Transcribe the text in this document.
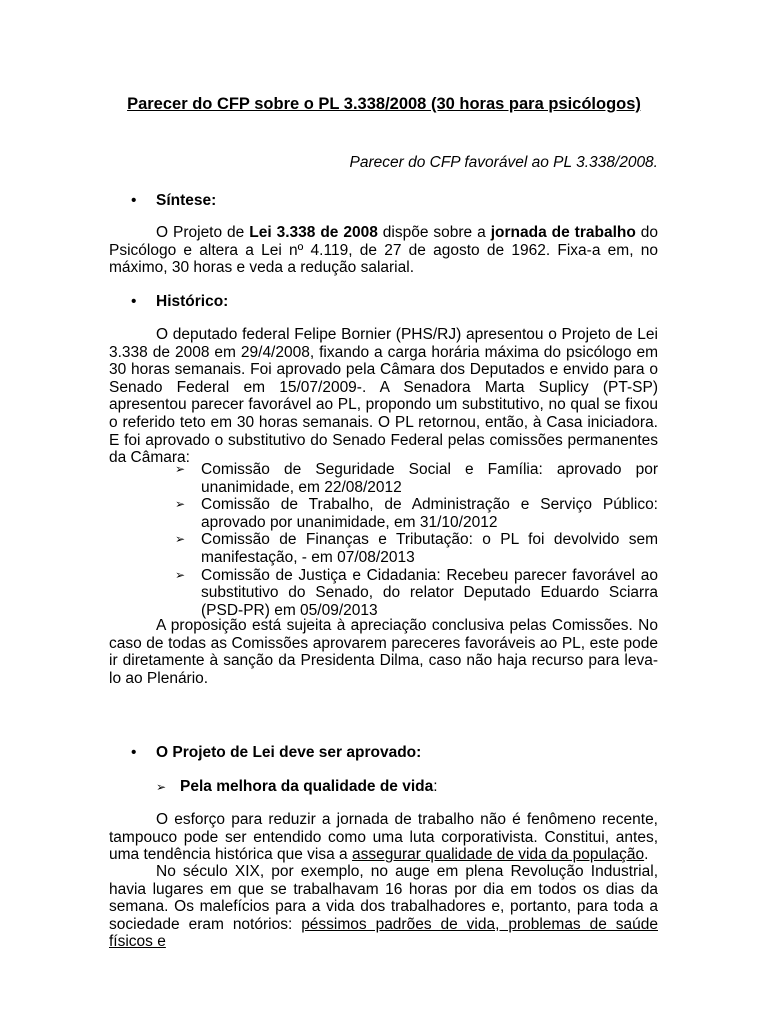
Parecer do CFP sobre o PL 3.338/2008 (30 horas para psicólogos)
Parecer do CFP favorável ao PL 3.338/2008.
• Síntese:
O Projeto de Lei 3.338 de 2008 dispõe sobre a jornada de trabalho do Psicólogo e altera a Lei nº 4.119, de 27 de agosto de 1962. Fixa-a em, no máximo, 30 horas e veda a redução salarial.
• Histórico:
O deputado federal Felipe Bornier (PHS/RJ) apresentou o Projeto de Lei 3.338 de 2008 em 29/4/2008, fixando a carga horária máxima do psicólogo em 30 horas semanais. Foi aprovado pela Câmara dos Deputados e envido para o Senado Federal em 15/07/2009-. A Senadora Marta Suplicy (PT-SP) apresentou parecer favorável ao PL, propondo um substitutivo, no qual se fixou o referido teto em 30 horas semanais. O PL retornou, então, à Casa iniciadora. E foi aprovado o substitutivo do Senado Federal pelas comissões permanentes da Câmara:
➢ Comissão de Seguridade Social e Família: aprovado por unanimidade, em 22/08/2012
➢ Comissão de Trabalho, de Administração e Serviço Público: aprovado por unanimidade, em 31/10/2012
➢ Comissão de Finanças e Tributação: o PL foi devolvido sem manifestação, - em 07/08/2013
➢ Comissão de Justiça e Cidadania: Recebeu parecer favorável ao substitutivo do Senado, do relator Deputado Eduardo Sciarra (PSD-PR) em 05/09/2013
A proposição está sujeita à apreciação conclusiva pelas Comissões. No caso de todas as Comissões aprovarem pareceres favoráveis ao PL, este pode ir diretamente à sanção da Presidenta Dilma, caso não haja recurso para leva-lo ao Plenário.
• O Projeto de Lei deve ser aprovado:
➢ Pela melhora da qualidade de vida:
O esforço para reduzir a jornada de trabalho não é fenômeno recente, tampouco pode ser entendido como uma luta corporativista. Constitui, antes, uma tendência histórica que visa a assegurar qualidade de vida da população.
No século XIX, por exemplo, no auge em plena Revolução Industrial, havia lugares em que se trabalhavam 16 horas por dia em todos os dias da semana. Os malefícios para a vida dos trabalhadores e, portanto, para toda a sociedade eram notórios: péssimos padrões de vida, problemas de saúde físicos e
